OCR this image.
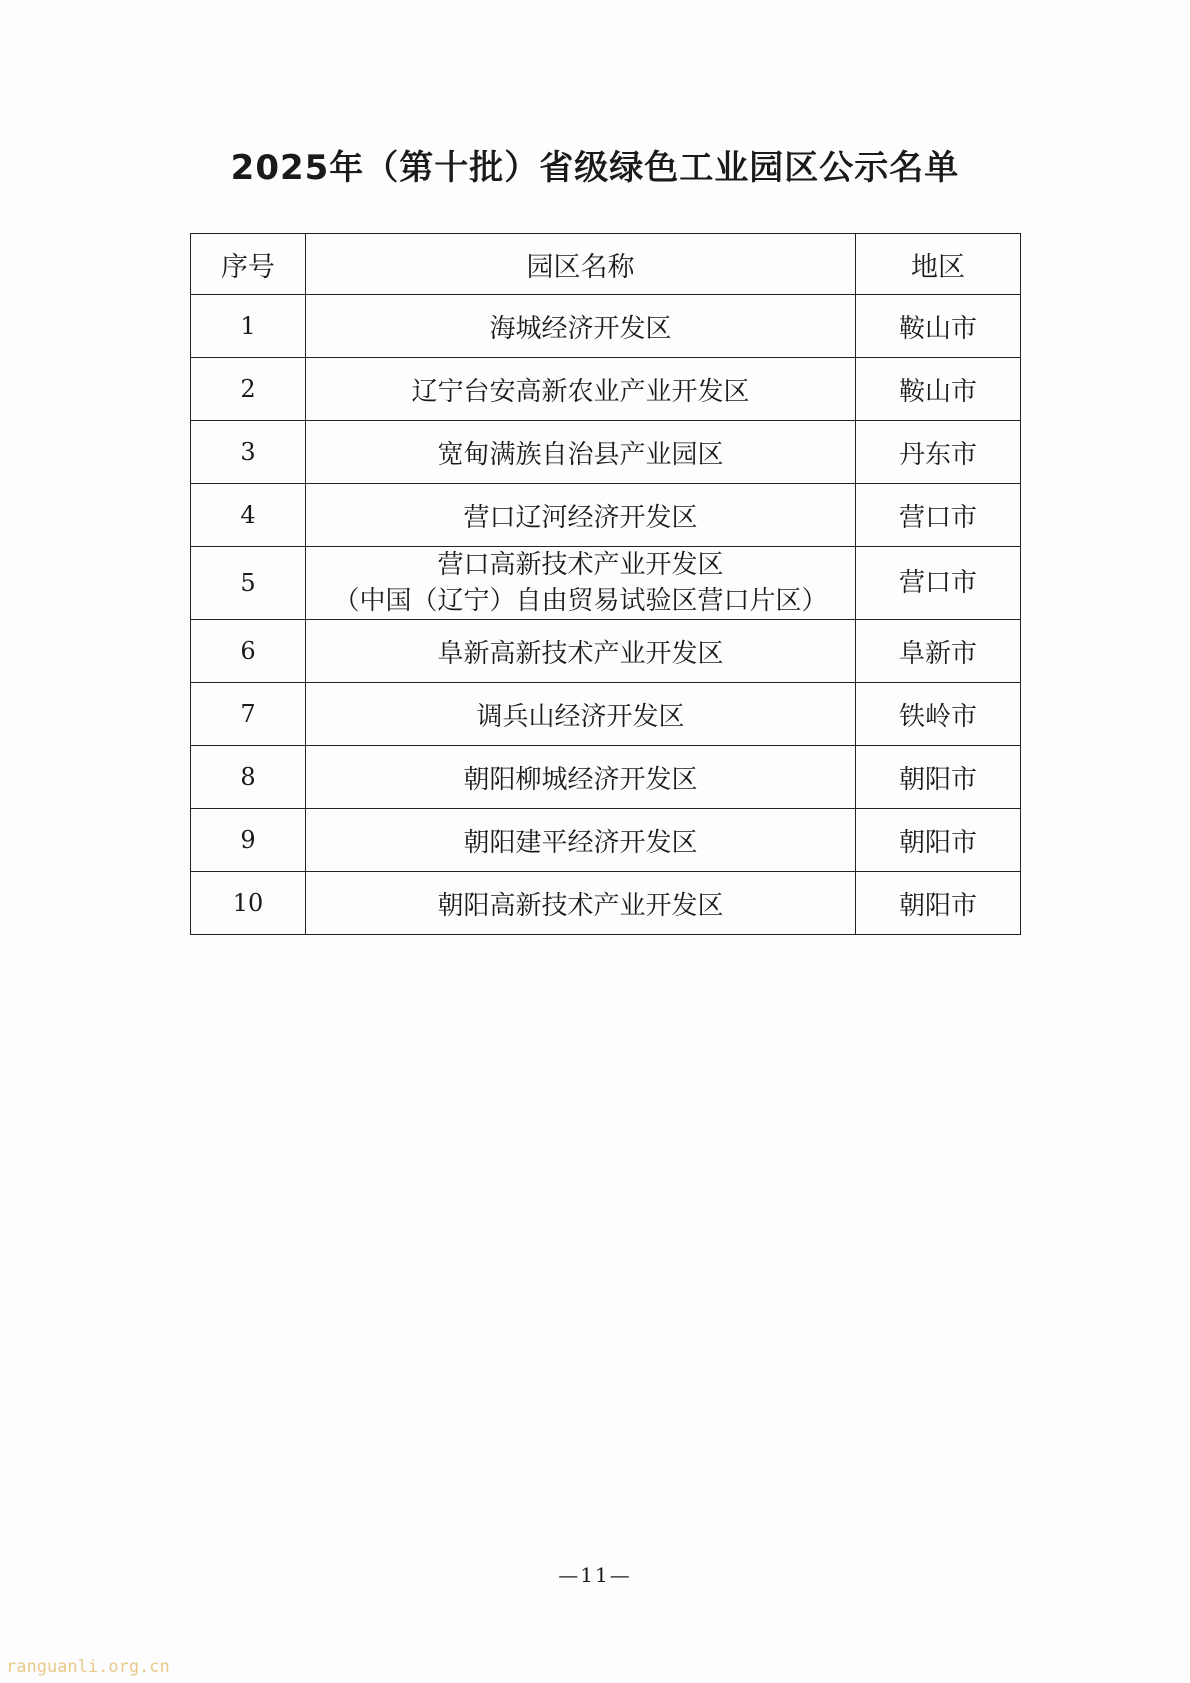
2025年（第十批）省级绿色工业园区公示名单
序号	园区名称	地区
1	海城经济开发区	鞍山市
2	辽宁台安高新农业产业开发区	鞍山市
3	宽甸满族自治县产业园区	丹东市
4	营口辽河经济开发区	营口市
5	营口高新技术产业开发区
（中国（辽宁）自由贸易试验区营口片区）	营口市
6	阜新高新技术产业开发区	阜新市
7	调兵山经济开发区	铁岭市
8	朝阳柳城经济开发区	朝阳市
9	朝阳建平经济开发区	朝阳市
10	朝阳高新技术产业开发区	朝阳市
—11—
ranguanli.org.cn
